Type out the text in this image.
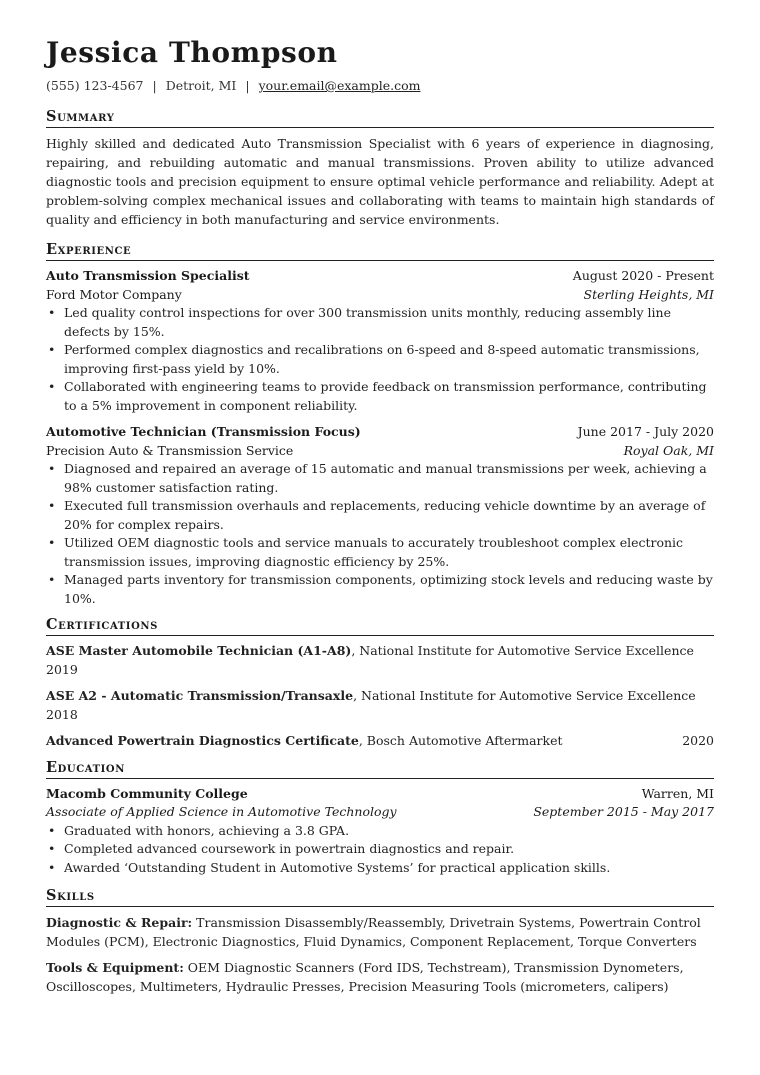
Jessica Thompson
(555) 123-4567 | Detroit, MI | your.email@example.com
Summary
Highly skilled and dedicated Auto Transmission Specialist with 6 years of experience in diagnosing, repairing, and rebuilding automatic and manual transmissions. Proven ability to utilize advanced diagnostic tools and precision equipment to ensure optimal vehicle performance and reliability. Adept at problem-solving complex mechanical issues and collaborating with teams to maintain high standards of quality and efficiency in both manufacturing and service environments.
Experience
Auto Transmission Specialist	August 2020 - Present
Ford Motor Company	Sterling Heights, MI
• Led quality control inspections for over 300 transmission units monthly, reducing assembly line defects by 15%.
• Performed complex diagnostics and recalibrations on 6-speed and 8-speed automatic transmissions, improving first-pass yield by 10%.
• Collaborated with engineering teams to provide feedback on transmission performance, contributing to a 5% improvement in component reliability.
Automotive Technician (Transmission Focus)	June 2017 - July 2020
Precision Auto & Transmission Service	Royal Oak, MI
• Diagnosed and repaired an average of 15 automatic and manual transmissions per week, achieving a 98% customer satisfaction rating.
• Executed full transmission overhauls and replacements, reducing vehicle downtime by an average of 20% for complex repairs.
• Utilized OEM diagnostic tools and service manuals to accurately troubleshoot complex electronic transmission issues, improving diagnostic efficiency by 25%.
• Managed parts inventory for transmission components, optimizing stock levels and reducing waste by 10%.
Certifications
ASE Master Automobile Technician (A1-A8), National Institute for Automotive Service Excellence
2019
ASE A2 - Automatic Transmission/Transaxle, National Institute for Automotive Service Excellence
2018
Advanced Powertrain Diagnostics Certificate, Bosch Automotive Aftermarket	2020
Education
Macomb Community College	Warren, MI
Associate of Applied Science in Automotive Technology	September 2015 - May 2017
• Graduated with honors, achieving a 3.8 GPA.
• Completed advanced coursework in powertrain diagnostics and repair.
• Awarded ‘Outstanding Student in Automotive Systems’ for practical application skills.
Skills
Diagnostic & Repair: Transmission Disassembly/Reassembly, Drivetrain Systems, Powertrain Control Modules (PCM), Electronic Diagnostics, Fluid Dynamics, Component Replacement, Torque Converters
Tools & Equipment: OEM Diagnostic Scanners (Ford IDS, Techstream), Transmission Dynometers, Oscilloscopes, Multimeters, Hydraulic Presses, Precision Measuring Tools (micrometers, calipers)
